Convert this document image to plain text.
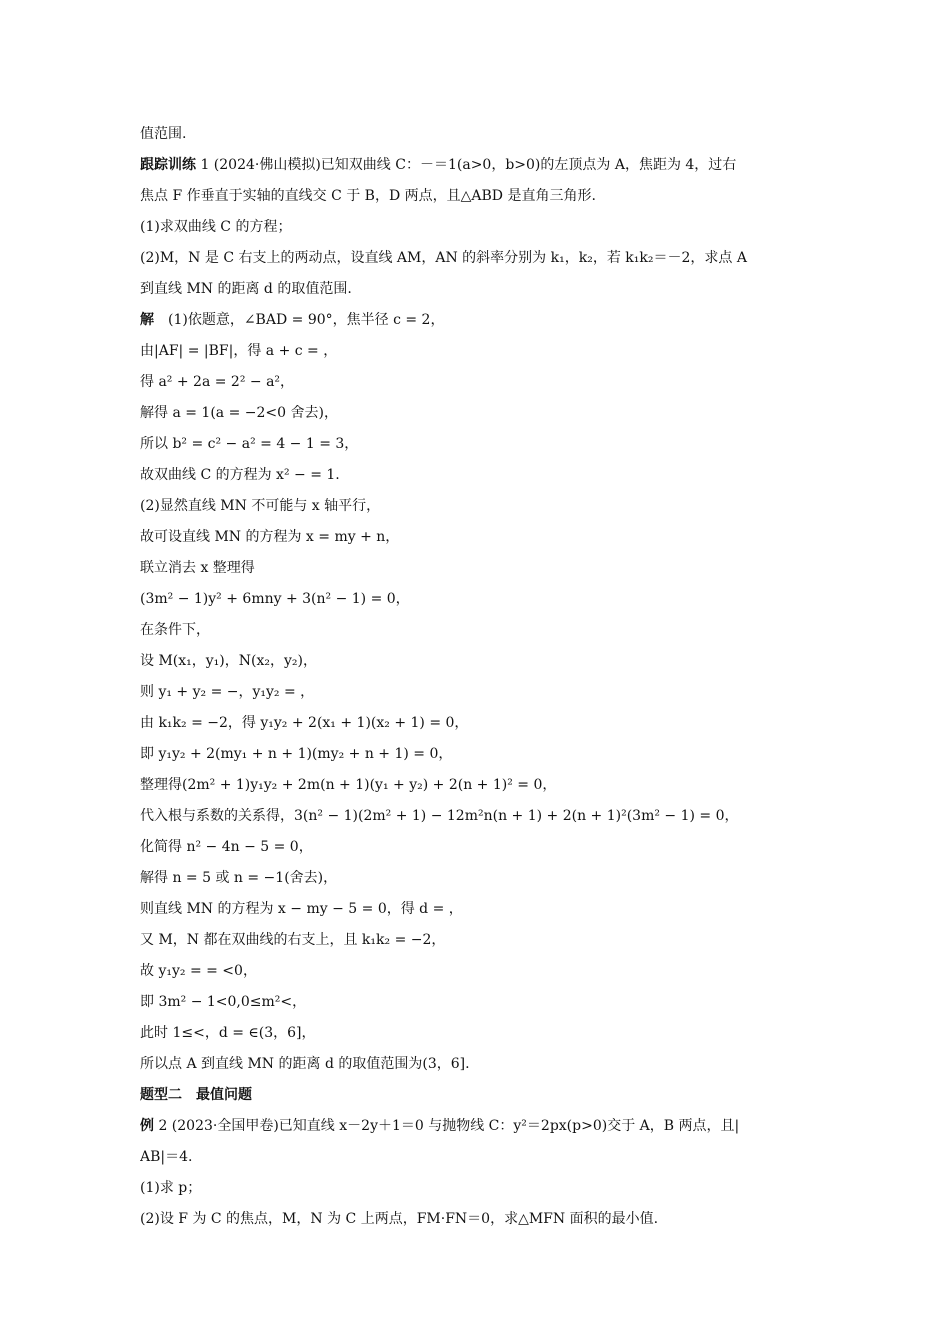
值范围.
跟踪训练 1 (2024·佛山模拟)已知双曲线 C：－＝1(a>0，b>0)的左顶点为 A，焦距为 4，过右
焦点 F 作垂直于实轴的直线交 C 于 B，D 两点，且△ABD 是直角三角形.
(1)求双曲线 C 的方程；
(2)M，N 是 C 右支上的两动点，设直线 AM，AN 的斜率分别为 k₁，k₂，若 k₁k₂＝－2，求点 A
到直线 MN 的距离 d 的取值范围.
解　(1)依题意，∠BAD = 90°，焦半径 c = 2，
由|AF| = |BF|，得 a + c = ，
得 a² + 2a = 2² − a²，
解得 a = 1(a = −2<0 舍去)，
所以 b² = c² − a² = 4 − 1 = 3，
故双曲线 C 的方程为 x² − = 1.
(2)显然直线 MN 不可能与 x 轴平行，
故可设直线 MN 的方程为 x = my + n，
联立消去 x 整理得
(3m² − 1)y² + 6mny + 3(n² − 1) = 0，
在条件下，
设 M(x₁，y₁)，N(x₂，y₂)，
则 y₁ + y₂ = −，y₁y₂ = ，
由 k₁k₂ = −2，得 y₁y₂ + 2(x₁ + 1)(x₂ + 1) = 0，
即 y₁y₂ + 2(my₁ + n + 1)(my₂ + n + 1) = 0，
整理得(2m² + 1)y₁y₂ + 2m(n + 1)(y₁ + y₂) + 2(n + 1)² = 0，
代入根与系数的关系得，3(n² − 1)(2m² + 1) − 12m²n(n + 1) + 2(n + 1)²(3m² − 1) = 0，
化简得 n² − 4n − 5 = 0，
解得 n = 5 或 n = −1(舍去)，
则直线 MN 的方程为 x − my − 5 = 0，得 d = ，
又 M，N 都在双曲线的右支上，且 k₁k₂ = −2，
故 y₁y₂ = = <0，
即 3m² − 1<0,0≤m²<，
此时 1≤<，d = ∈(3，6]，
所以点 A 到直线 MN 的距离 d 的取值范围为(3，6].
题型二　最值问题
例 2 (2023·全国甲卷)已知直线 x－2y＋1＝0 与抛物线 C：y²＝2px(p>0)交于 A，B 两点，且|
AB|＝4.
(1)求 p；
(2)设 F 为 C 的焦点，M，N 为 C 上两点，FM·FN＝0，求△MFN 面积的最小值.
